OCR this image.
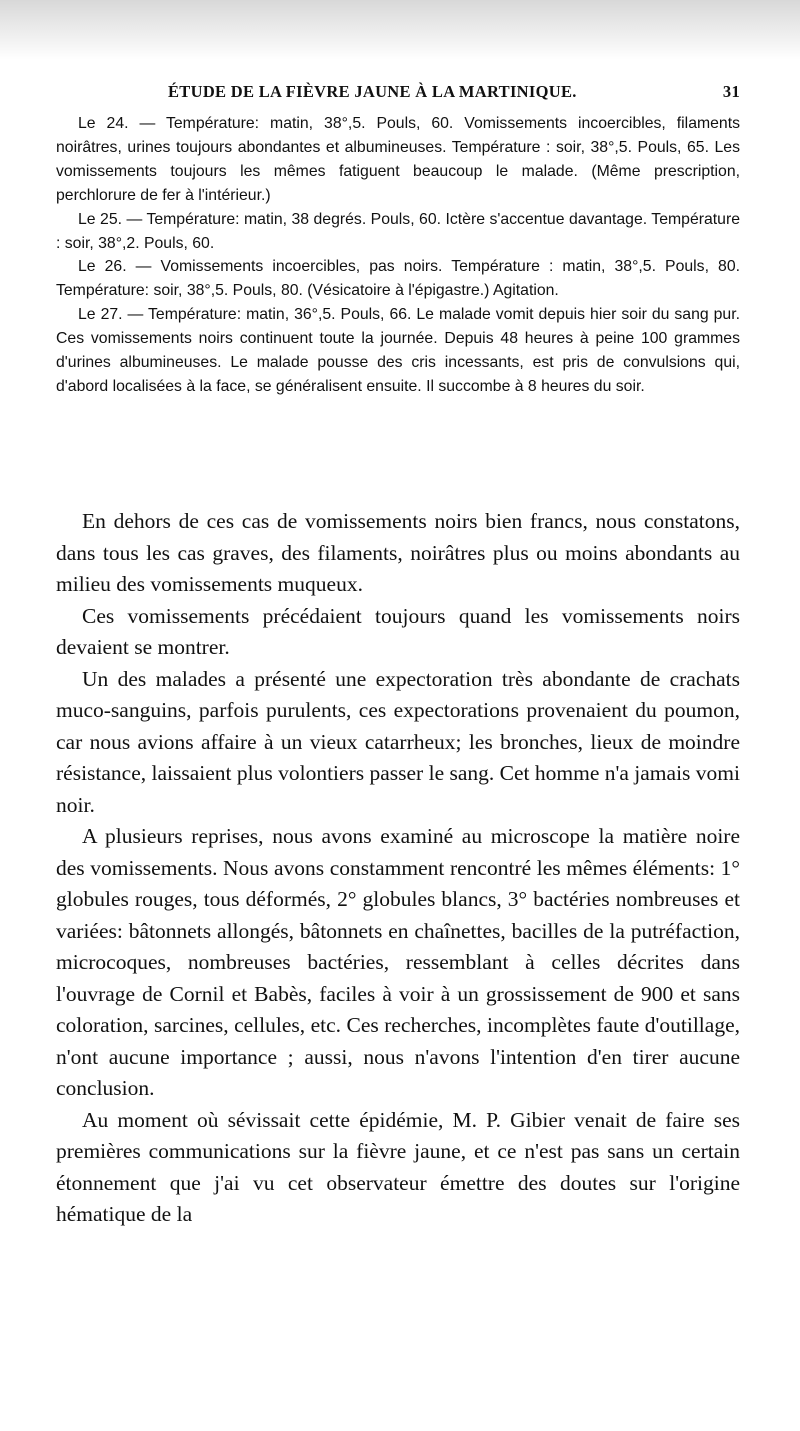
ÉTUDE DE LA FIÈVRE JAUNE À LA MARTINIQUE.	31

Le 24. — Température: matin, 38°,5. Pouls, 60. Vomissements incoercibles, filaments noirâtres, urines toujours abondantes et albumineuses. Température : soir, 38°,5. Pouls, 65. Les vomissements toujours les mêmes fatiguent beaucoup le malade. (Même prescription, perchlorure de fer à l'intérieur.)

Le 25. — Température: matin, 38 degrés. Pouls, 60. Ictère s'accentue davantage. Température : soir, 38°,2. Pouls, 60.

Le 26. — Vomissements incoercibles, pas noirs. Température : matin, 38°,5. Pouls, 80. Température: soir, 38°,5. Pouls, 80. (Vésicatoire à l'épigastre.) Agitation.

Le 27. — Température: matin, 36°,5. Pouls, 66. Le malade vomit depuis hier soir du sang pur. Ces vomissements noirs continuent toute la journée. Depuis 48 heures à peine 100 grammes d'urines albumineuses. Le malade pousse des cris incessants, est pris de convulsions qui, d'abord localisées à la face, se généralisent ensuite. Il succombe à 8 heures du soir.

En dehors de ces cas de vomissements noirs bien francs, nous constatons, dans tous les cas graves, des filaments, noirâtres plus ou moins abondants au milieu des vomissements muqueux.

Ces vomissements précédaient toujours quand les vomissements noirs devaient se montrer.

Un des malades a présenté une expectoration très abondante de crachats muco-sanguins, parfois purulents, ces expectorations provenaient du poumon, car nous avions affaire à un vieux catarrheux; les bronches, lieux de moindre résistance, laissaient plus volontiers passer le sang. Cet homme n'a jamais vomi noir.

A plusieurs reprises, nous avons examiné au microscope la matière noire des vomissements. Nous avons constamment rencontré les mêmes éléments: 1° globules rouges, tous déformés, 2° globules blancs, 3° bactéries nombreuses et variées: bâtonnets allongés, bâtonnets en chaînettes, bacilles de la putréfaction, microcoques, nombreuses bactéries, ressemblant à celles décrites dans l'ouvrage de Cornil et Babès, faciles à voir à un grossissement de 900 et sans coloration, sarcines, cellules, etc. Ces recherches, incomplètes faute d'outillage, n'ont aucune importance ; aussi, nous n'avons l'intention d'en tirer aucune conclusion.

Au moment où sévissait cette épidémie, M. P. Gibier venait de faire ses premières communications sur la fièvre jaune, et ce n'est pas sans un certain étonnement que j'ai vu cet observateur émettre des doutes sur l'origine hématique de la
